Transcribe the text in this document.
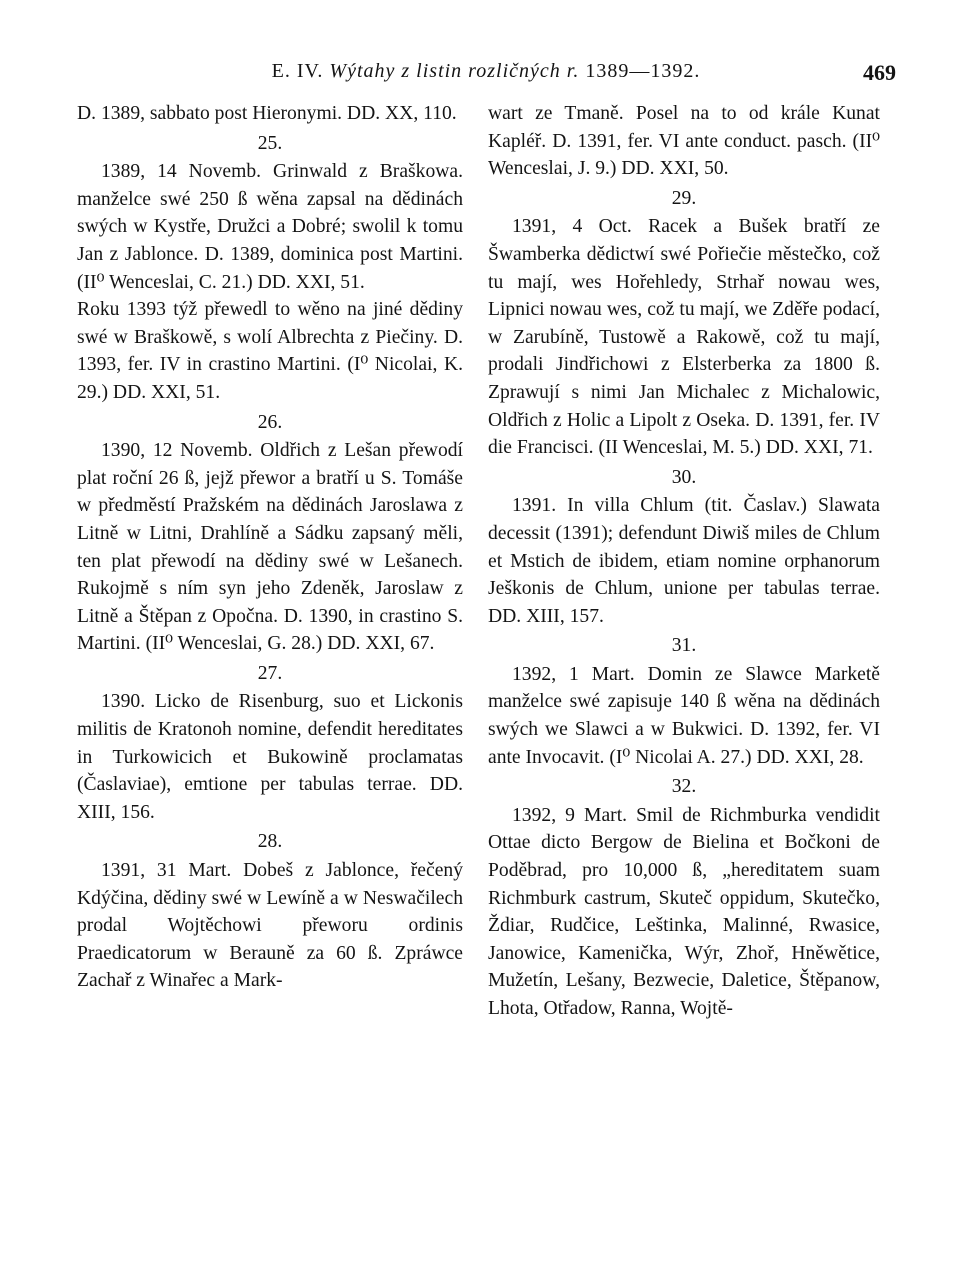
E. IV. Wýtahy z listin rozličných r. 1389—1392.	469

D. 1389, sabbato post Hieronymi. DD. XX, 110.

25.

1389, 14 Novemb. Grinwald z Braškowa. manželce swé 250 ß wěna zapsal na dědinách swých w Kystře, Družci a Dobré; swolil k tomu Jan z Jablonce. D. 1389, dominica post Martini. (II⁰ Wenceslai, C. 21.) DD. XXI, 51.

Roku 1393 týž přewedl to wěno na jiné dědiny swé w Braškowě, s wolí Albrechta z Piečiny. D. 1393, fer. IV in crastino Martini. (I⁰ Nicolai, K. 29.) DD. XXI, 51.

26.

1390, 12 Novemb. Oldřich z Lešan přewodí plat roční 26 ß, jejž přewor a bratří u S. Tomáše w předměstí Pražském na dědinách Jaroslawa z Litně w Litni, Drahlíně a Sádku zapsaný měli, ten plat přewodí na dědiny swé w Lešanech. Rukojmě s ním syn jeho Zdeněk, Jaroslaw z Litně a Štěpan z Opočna. D. 1390, in crastino S. Martini. (II⁰ Wenceslai, G. 28.) DD. XXI, 67.

27.

1390. Licko de Risenburg, suo et Lickonis militis de Kratonoh nomine, defendit hereditates in Turkowicich et Bukowině proclamatas (Časlaviae), emtione per tabulas terrae. DD. XIII, 156.

28.

1391, 31 Mart. Dobeš z Jablonce, řečený Kdýčina, dědiny swé w Lewíně a w Neswačilech prodal Wojtěchowi přeworu ordinis Praedicatorum w Berauně za 60 ß. Zpráwce Zachař z Winařec a Mark-

wart ze Tmaně. Posel na to od krále Kunat Kapléř. D. 1391, fer. VI ante conduct. pasch. (II⁰ Wenceslai, J. 9.) DD. XXI, 50.

29.

1391, 4 Oct. Racek a Bušek bratří ze Šwamberka dědictwí swé Pořiečie městečko, což tu mají, wes Hořehledy, Strhař nowau wes, Lipnici nowau wes, což tu mají, we Zděře podací, w Zarubíně, Tustowě a Rakowě, což tu mají, prodali Jindřichowi z Elsterberka za 1800 ß. Zprawují s nimi Jan Michalec z Michalowic, Oldřich z Holic a Lipolt z Oseka. D. 1391, fer. IV die Francisci. (II Wenceslai, M. 5.) DD. XXI, 71.

30.

1391. In villa Chlum (tit. Časlav.) Slawata decessit (1391); defendunt Diwiš miles de Chlum et Mstich de ibidem, etiam nomine orphanorum Ješkonis de Chlum, unione per tabulas terrae. DD. XIII, 157.

31.

1392, 1 Mart. Domin ze Slawce Marketě manželce swé zapisuje 140 ß wěna na dědinách swých we Slawci a w Bukwici. D. 1392, fer. VI ante Invocavit. (I⁰ Nicolai A. 27.) DD. XXI, 28.

32.

1392, 9 Mart. Smil de Richmburka vendidit Ottae dicto Bergow de Bielina et Bočkoni de Poděbrad, pro 10,000 ß, „hereditatem suam Richmburk castrum, Skuteč oppidum, Skutečko, Ždiar, Rudčice, Leštinka, Malinné, Rwasice, Janowice, Kamenička, Wýr, Zhoř, Hněwětice, Mužetín, Lešany, Bezwecie, Daletice, Štěpanow, Lhota, Otřadow, Ranna, Wojtě-
